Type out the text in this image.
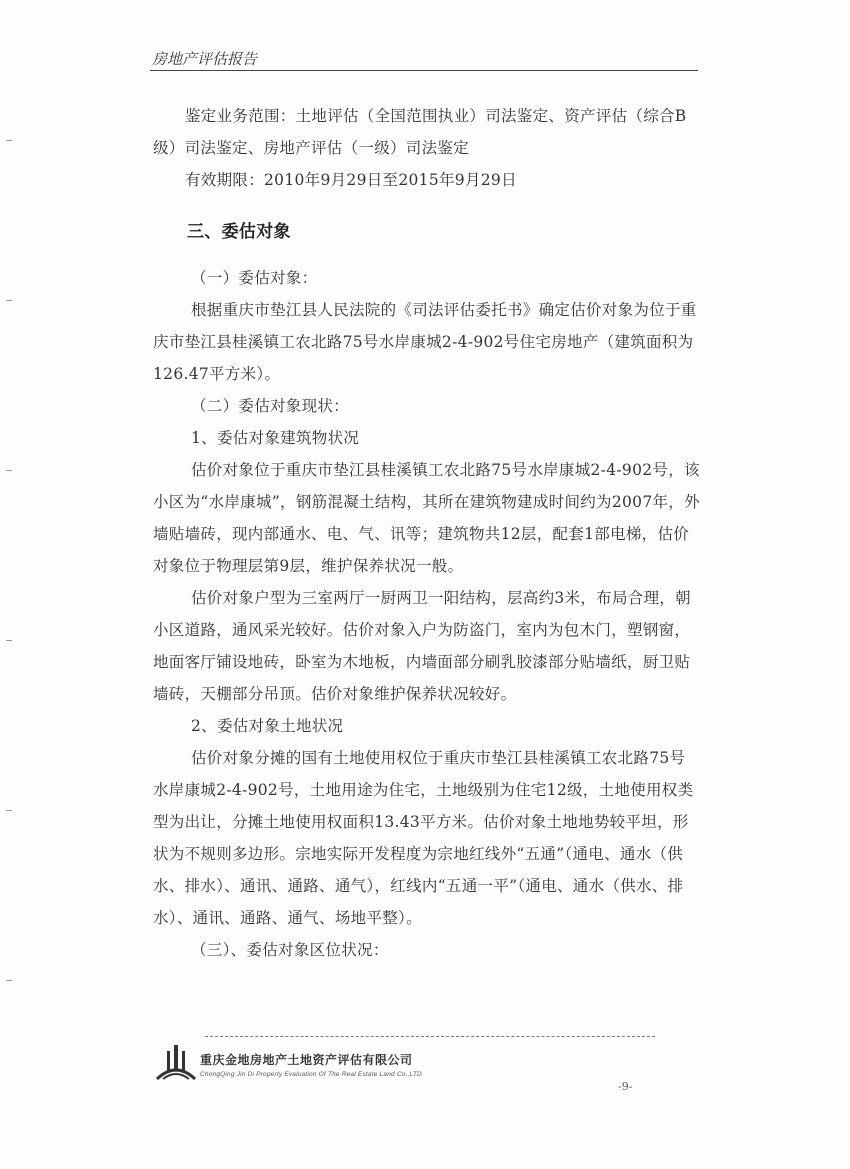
房地产评估报告

鉴定业务范围：土地评估（全国范围执业）司法鉴定、资产评估（综合B级）司法鉴定、房地产评估（一级）司法鉴定

有效期限：2010年9月29日至2015年9月29日

三、委估对象

（一）委估对象：

根据重庆市垫江县人民法院的《司法评估委托书》确定估价对象为位于重庆市垫江县桂溪镇工农北路75号水岸康城2-4-902号住宅房地产（建筑面积为126.47平方米）。

（二）委估对象现状：

1、委估对象建筑物状况

估价对象位于重庆市垫江县桂溪镇工农北路75号水岸康城2-4-902号，该小区为“水岸康城”，钢筋混凝土结构，其所在建筑物建成时间约为2007年，外墙贴墙砖，现内部通水、电、气、讯等；建筑物共12层，配套1部电梯，估价对象位于物理层第9层，维护保养状况一般。

估价对象户型为三室两厅一厨两卫一阳结构，层高约3米，布局合理，朝小区道路，通风采光较好。估价对象入户为防盗门，室内为包木门，塑钢窗，地面客厅铺设地砖，卧室为木地板，内墙面部分刷乳胶漆部分贴墙纸，厨卫贴墙砖，天棚部分吊顶。估价对象维护保养状况较好。

2、委估对象土地状况

估价对象分摊的国有土地使用权位于重庆市垫江县桂溪镇工农北路75号水岸康城2-4-902号，土地用途为住宅，土地级别为住宅12级，土地使用权类型为出让，分摊土地使用权面积13.43平方米。估价对象土地地势较平坦，形状为不规则多边形。宗地实际开发程度为宗地红线外“五通”（通电、通水（供水、排水）、通讯、通路、通气），红线内“五通一平”（通电、通水（供水、排水）、通讯、通路、通气、场地平整）。

（三）、委估对象区位状况：

重庆金地房地产土地资产评估有限公司
ChongQing Jin Di Property Evaluation Of The Real Estate Land Co.,LTD
-9-
